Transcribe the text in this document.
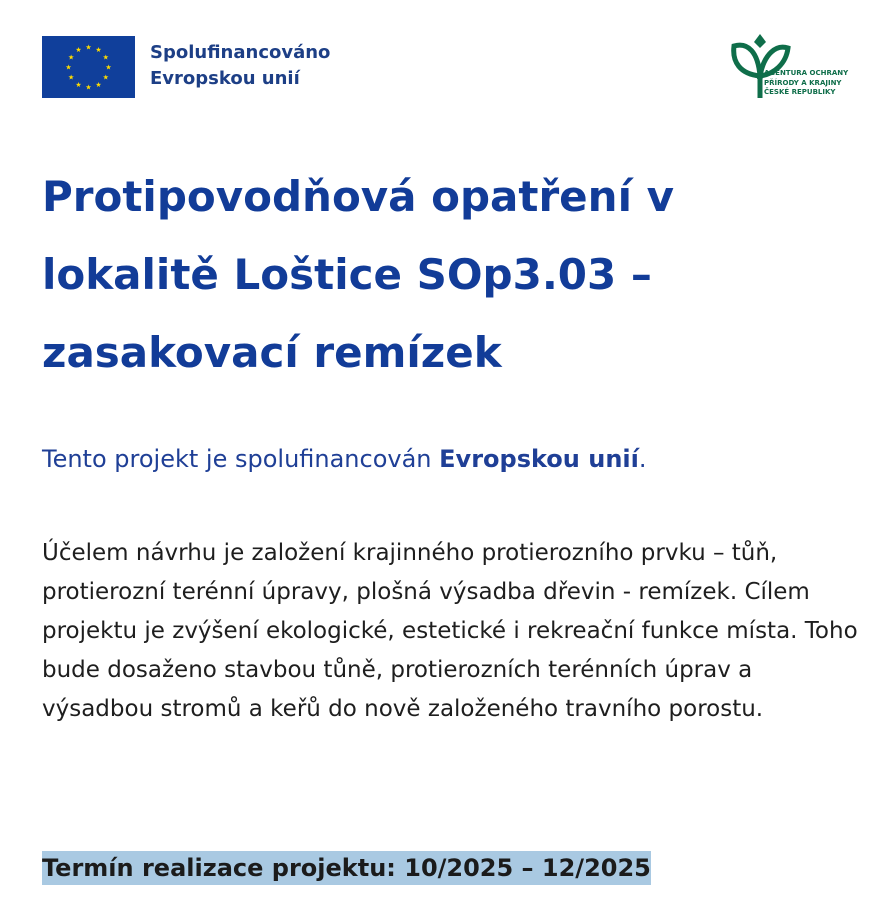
★ ★
★
★
★
★
★
★
★
★
★
★	Spolufinancováno
Evropskou unií	AGENTURA OCHRANY
PŘÍRODY A KRAJINY
ČESKÉ REPUBLIKY
Protipovodňová opatření v lokalitě Loštice SOp3.03 – zasakovací remízek

Tento projekt je spolufinancován Evropskou unií.

Účelem návrhu je založení krajinného protierozního prvku – tůň, protierozní terénní úpravy, plošná výsadba dřevin - remízek. Cílem projektu je zvýšení ekologické, estetické i rekreační funkce místa. Toho bude dosaženo stavbou tůně, protierozních terénních úprav a výsadbou stromů a keřů do nově založeného travního porostu.

Termín realizace projektu: 10/2025 – 12/2025
